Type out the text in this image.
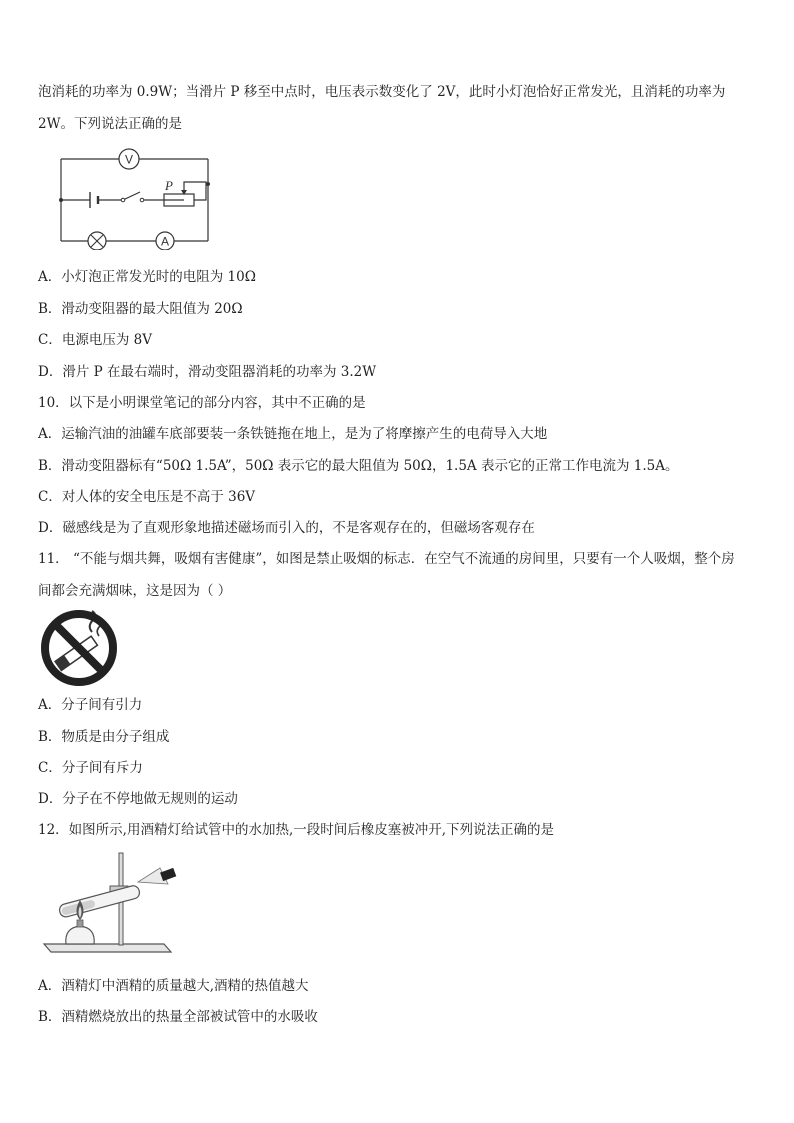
泡消耗的功率为 0.9W；当滑片 P 移至中点时，电压表示数变化了 2V，此时小灯泡恰好正常发光，且消耗的功率为
2W。下列说法正确的是
V
A
P
A．小灯泡正常发光时的电阻为 10Ω
B．滑动变阻器的最大阻值为 20Ω
C．电源电压为 8V
D．滑片 P 在最右端时，滑动变阻器消耗的功率为 3.2W
10．以下是小明课堂笔记的部分内容，其中不正确的是
A．运输汽油的油罐车底部要装一条铁链拖在地上，是为了将摩擦产生的电荷导入大地
B．滑动变阻器标有“50Ω 1.5A”，50Ω 表示它的最大阻值为 50Ω，1.5A 表示它的正常工作电流为 1.5A。
C．对人体的安全电压是不高于 36V
D．磁感线是为了直观形象地描述磁场而引入的，不是客观存在的，但磁场客观存在
11． “不能与烟共舞，吸烟有害健康”，如图是禁止吸烟的标志．在空气不流通的房间里，只要有一个人吸烟，整个房
间都会充满烟味，这是因为（ ）
A．分子间有引力
B．物质是由分子组成
C．分子间有斥力
D．分子在不停地做无规则的运动
12．如图所示,用酒精灯给试管中的水加热,一段时间后橡皮塞被冲开,下列说法正确的是
A．酒精灯中酒精的质量越大,酒精的热值越大
B．酒精燃烧放出的热量全部被试管中的水吸收
